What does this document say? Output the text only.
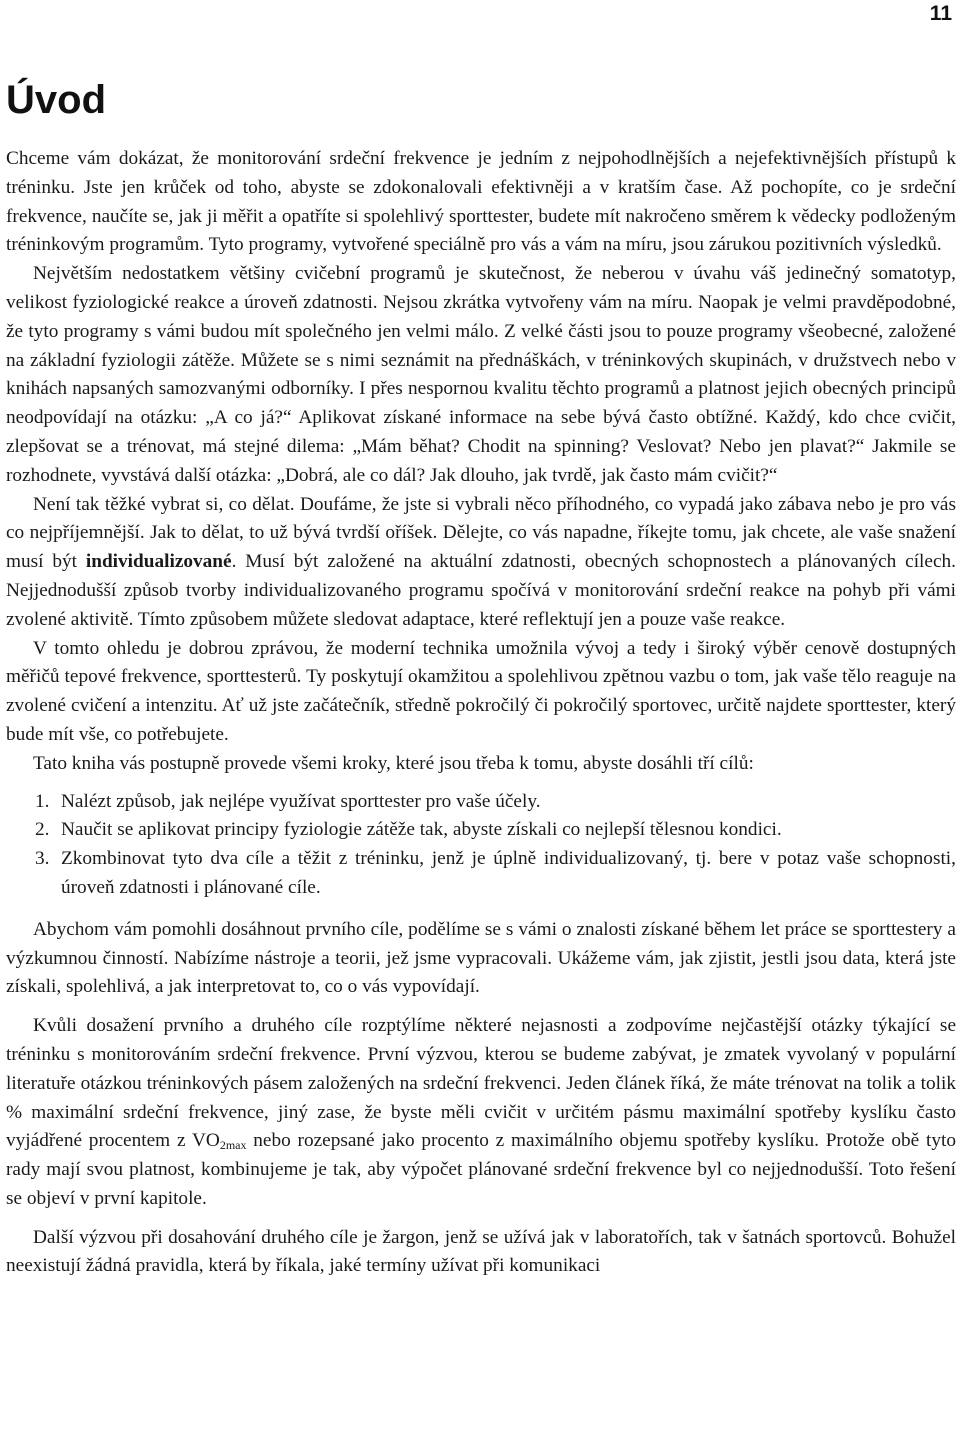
11
Úvod

Chceme vám dokázat, že monitorování srdeční frekvence je jedním z nejpohodlnějších a nejefektivnějších přístupů k tréninku. Jste jen krůček od toho, abyste se zdokonalovali efektivněji a v kratším čase. Až pochopíte, co je srdeční frekvence, naučíte se, jak ji měřit a opatříte si spolehlivý sporttester, budete mít nakročeno směrem k vědecky podloženým tréninkovým programům. Tyto programy, vytvořené speciálně pro vás a vám na míru, jsou zárukou pozitivních výsledků.

Největším nedostatkem většiny cvičební programů je skutečnost, že neberou v úvahu váš jedinečný somatotyp, velikost fyziologické reakce a úroveň zdatnosti. Nejsou zkrátka vytvořeny vám na míru. Naopak je velmi pravděpodobné, že tyto programy s vámi budou mít společného jen velmi málo. Z velké části jsou to pouze programy všeobecné, založené na základní fyziologii zátěže. Můžete se s nimi seznámit na přednáškách, v tréninkových skupinách, v družstvech nebo v knihách napsaných samozvanými odborníky. I přes nespornou kvalitu těchto programů a platnost jejich obecných principů neodpovídají na otázku: „A co já?“ Aplikovat získané informace na sebe bývá často obtížné. Každý, kdo chce cvičit, zlepšovat se a trénovat, má stejné dilema: „Mám běhat? Chodit na spinning? Veslovat? Nebo jen plavat?“ Jakmile se rozhodnete, vyvstává další otázka: „Dobrá, ale co dál? Jak dlouho, jak tvrdě, jak často mám cvičit?“

Není tak těžké vybrat si, co dělat. Doufáme, že jste si vybrali něco příhodného, co vypadá jako zábava nebo je pro vás co nejpříjemnější. Jak to dělat, to už bývá tvrdší oříšek. Dělejte, co vás napadne, říkejte tomu, jak chcete, ale vaše snažení musí být individualizované. Musí být založené na aktuální zdatnosti, obecných schopnostech a plánovaných cílech. Nejjednodušší způsob tvorby individualizovaného programu spočívá v monitorování srdeční reakce na pohyb při vámi zvolené aktivitě. Tímto způsobem můžete sledovat adaptace, které reflektují jen a pouze vaše reakce.

V tomto ohledu je dobrou zprávou, že moderní technika umožnila vývoj a tedy i široký výběr cenově dostupných měřičů tepové frekvence, sporttesterů. Ty poskytují okamžitou a spolehlivou zpětnou vazbu o tom, jak vaše tělo reaguje na zvolené cvičení a intenzitu. Ať už jste začátečník, středně pokročilý či pokročilý sportovec, určitě najdete sporttester, který bude mít vše, co potřebujete.

Tato kniha vás postupně provede všemi kroky, které jsou třeba k tomu, abyste dosáhli tří cílů:

1. Nalézt způsob, jak nejlépe využívat sporttester pro vaše účely.
2. Naučit se aplikovat principy fyziologie zátěže tak, abyste získali co nejlepší tělesnou kondici.
3. Zkombinovat tyto dva cíle a těžit z tréninku, jenž je úplně individualizovaný, tj. bere v potaz vaše schopnosti, úroveň zdatnosti i plánované cíle.

Abychom vám pomohli dosáhnout prvního cíle, podělíme se s vámi o znalosti získané během let práce se sporttestery a výzkumnou činností. Nabízíme nástroje a teorii, jež jsme vypracovali. Ukážeme vám, jak zjistit, jestli jsou data, která jste získali, spolehlivá, a jak interpretovat to, co o vás vypovídají.

Kvůli dosažení prvního a druhého cíle rozptýlíme některé nejasnosti a zodpovíme nejčastější otázky týkající se tréninku s monitorováním srdeční frekvence. První výzvou, kterou se budeme zabývat, je zmatek vyvolaný v populární literatuře otázkou tréninkových pásem založených na srdeční frekvenci. Jeden článek říká, že máte trénovat na tolik a tolik % maximální srdeční frekvence, jiný zase, že byste měli cvičit v určitém pásmu maximální spotřeby kyslíku často vyjádřené procentem z $VO_{2max}$ nebo rozepsané jako procento z maximálního objemu spotřeby kyslíku. Protože obě tyto rady mají svou platnost, kombinujeme je tak, aby výpočet plánované srdeční frekvence byl co nejjednodušší. Toto řešení se objeví v první kapitole.

Další výzvou při dosahování druhého cíle je žargon, jenž se užívá jak v laboratořích, tak v šatnách sportovců. Bohužel neexistují žádná pravidla, která by říkala, jaké termíny užívat při komunikaci
